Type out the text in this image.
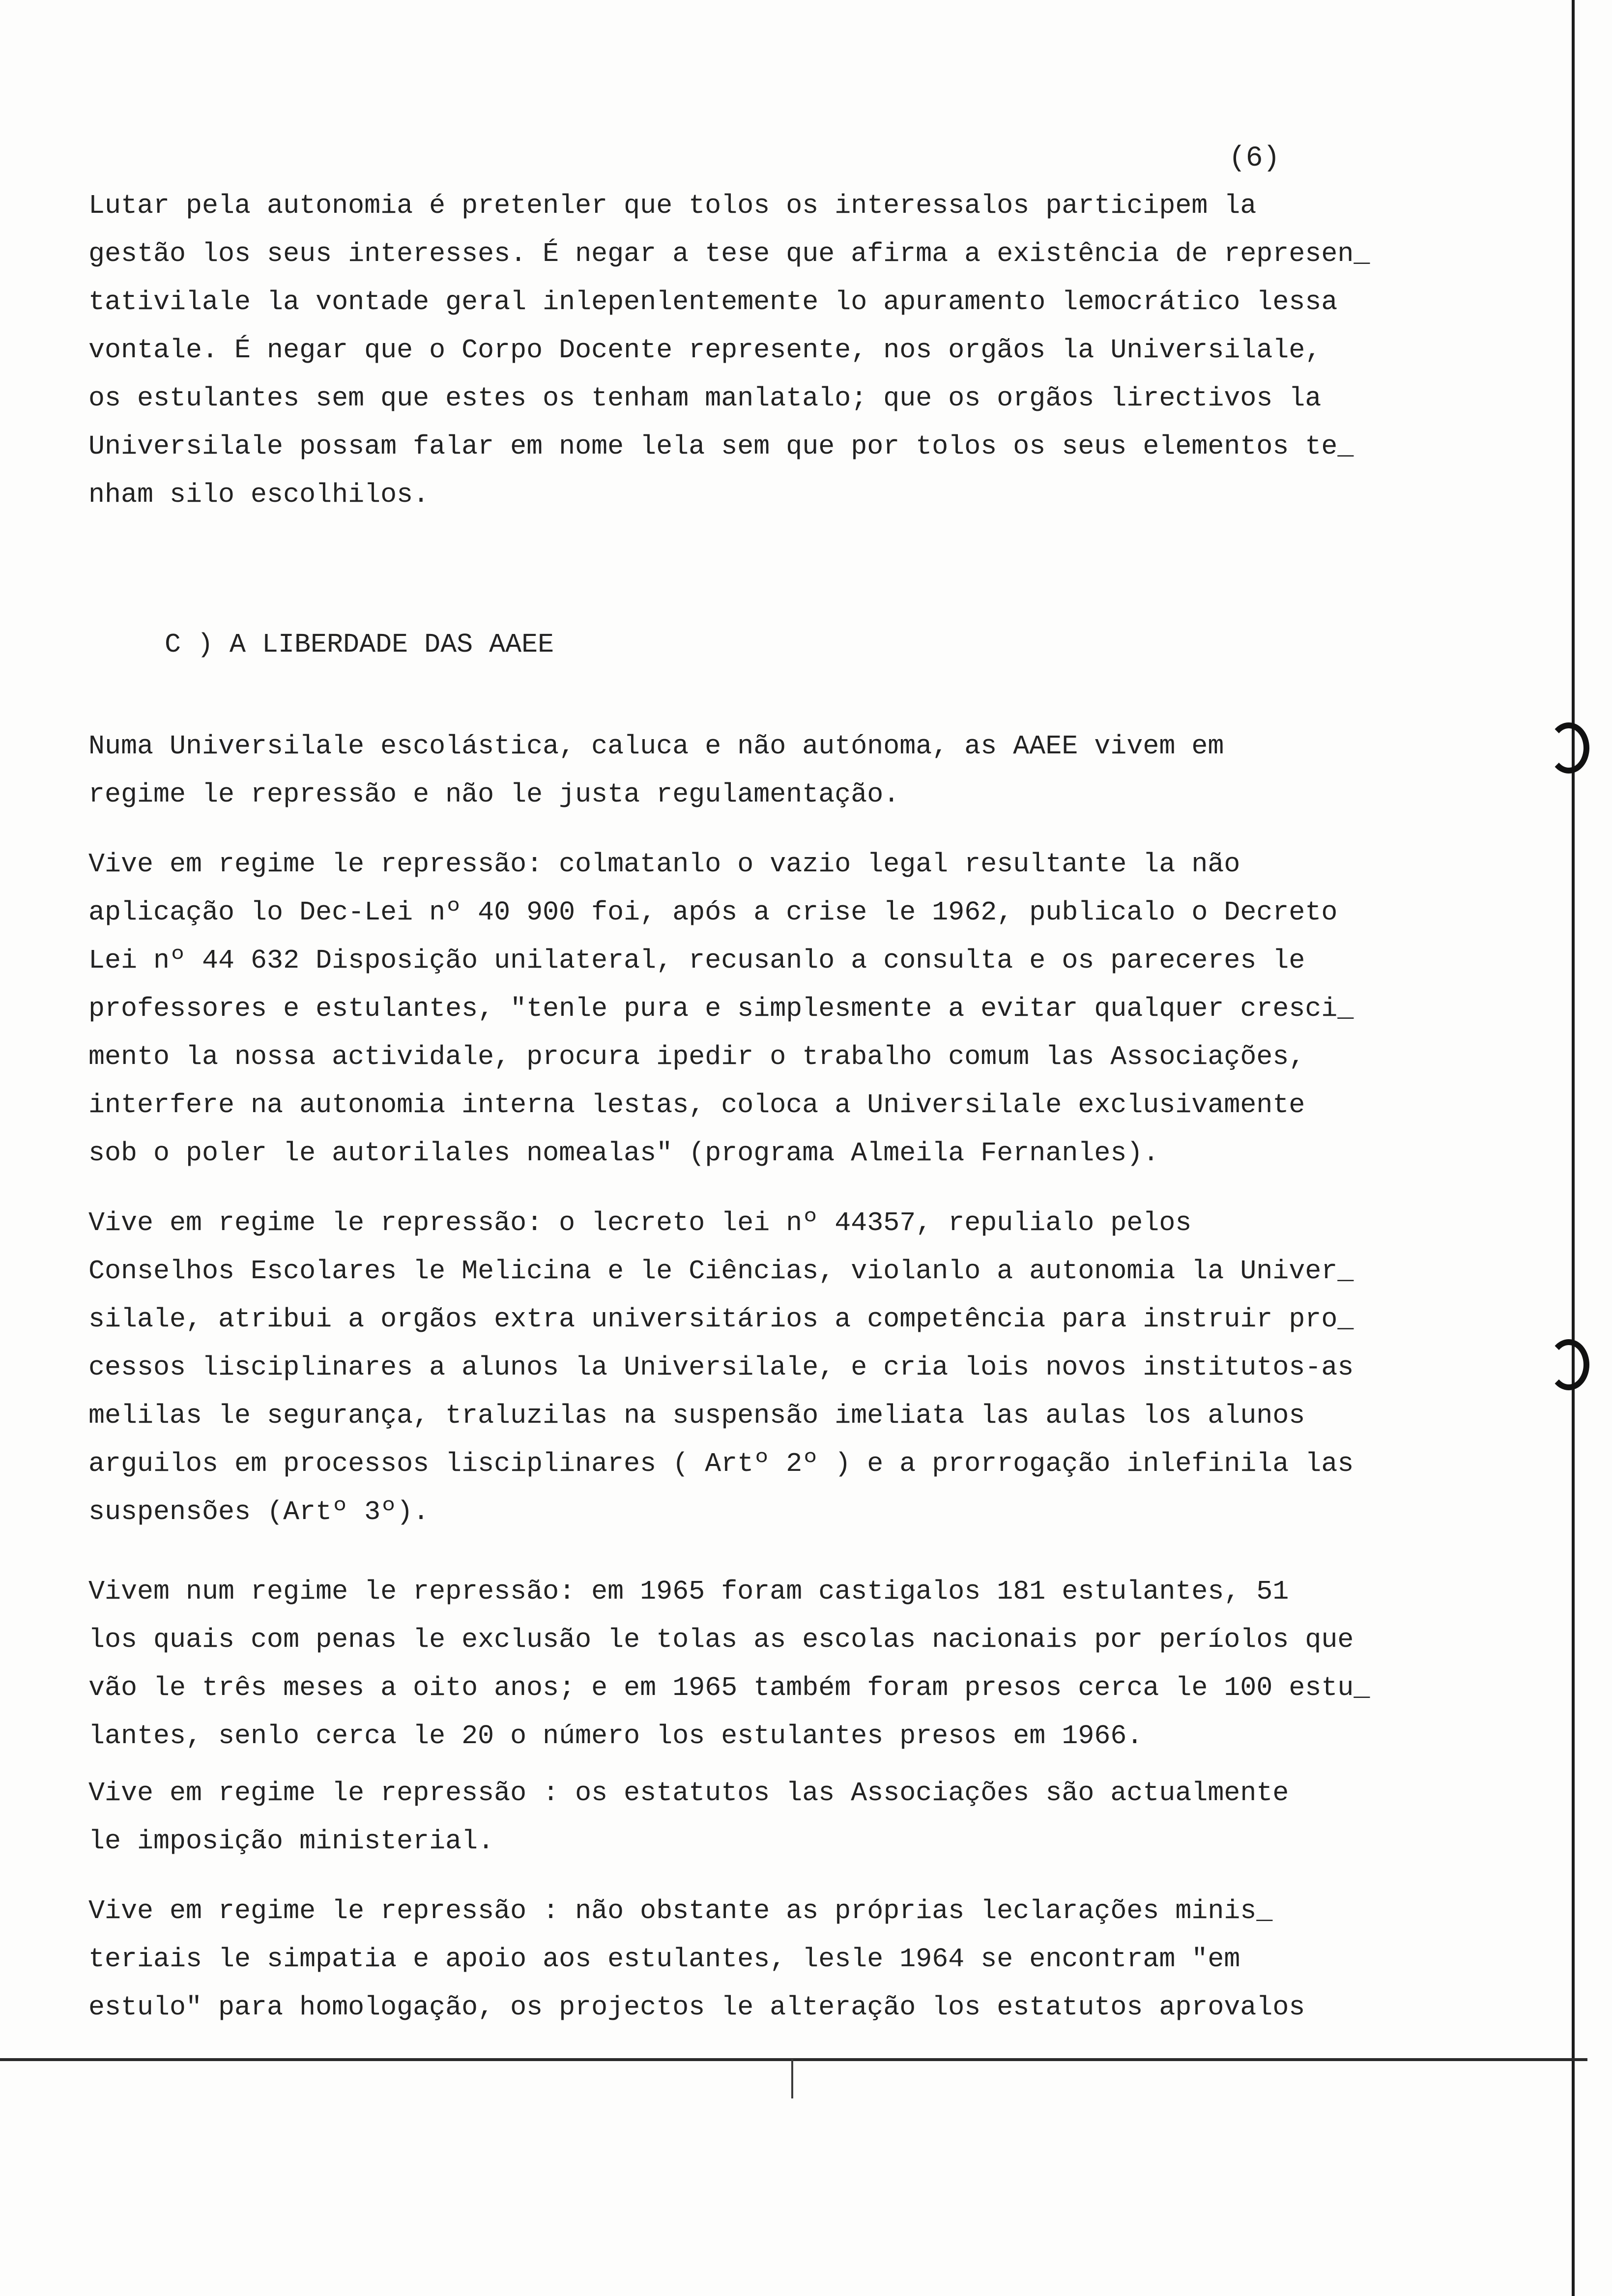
(6)
Lutar pela autonomia é pretenler que tolos os interessalos participem la
gestão los seus interesses. É negar a tese que afirma a existência de represen_
tativilale la vontade geral inlepenlentemente lo apuramento lemocrático lessa
vontale. É negar que o Corpo Docente represente, nos orgãos la Universilale,
os estulantes sem que estes os tenham manlatalo; que os orgãos lirectivos la
Universilale possam falar em nome lela sem que por tolos os seus elementos te_
nham silo escolhilos.
C ) A LIBERDADE DAS AAEE
Numa Universilale escolástica, caluca e não autónoma, as AAEE vivem em
regime le repressão e não le justa regulamentação.
Vive em regime le repressão: colmatanlo o vazio legal resultante la não
aplicação lo Dec-Lei nº 40 900 foi, após a crise le 1962, publicalo o Decreto
Lei nº 44 632 Disposição unilateral, recusanlo a consulta e os pareceres le
professores e estulantes, "tenle pura e simplesmente a evitar qualquer cresci_
mento la nossa actividale, procura ipedir o trabalho comum las Associações,
interfere na autonomia interna lestas, coloca a Universilale exclusivamente
sob o poler le autorilales nomealas" (programa Almeila Fernanles).
Vive em regime le repressão: o lecreto lei nº 44357, repulialo pelos
Conselhos Escolares le Melicina e le Ciências, violanlo a autonomia la Univer_
silale, atribui a orgãos extra universitários a competência para instruir pro_
cessos lisciplinares a alunos la Universilale, e cria lois novos institutos-as
melilas le segurança, traluzilas na suspensão imeliata las aulas los alunos
arguilos em processos lisciplinares ( Artº 2º ) e a prorrogação inlefinila las
suspensões (Artº 3º).
Vivem num regime le repressão: em 1965 foram castigalos 181 estulantes, 51
los quais com penas le exclusão le tolas as escolas nacionais por períolos que
vão le três meses a oito anos; e em 1965 também foram presos cerca le 100 estu_
lantes, senlo cerca le 20 o número los estulantes presos em 1966.
Vive em regime le repressão : os estatutos las Associações são actualmente
le imposição ministerial.
Vive em regime le repressão : não obstante as próprias leclarações minis_
teriais le simpatia e apoio aos estulantes, lesle 1964 se encontram "em
estulo" para homologação, os projectos le alteração los estatutos aprovalos
